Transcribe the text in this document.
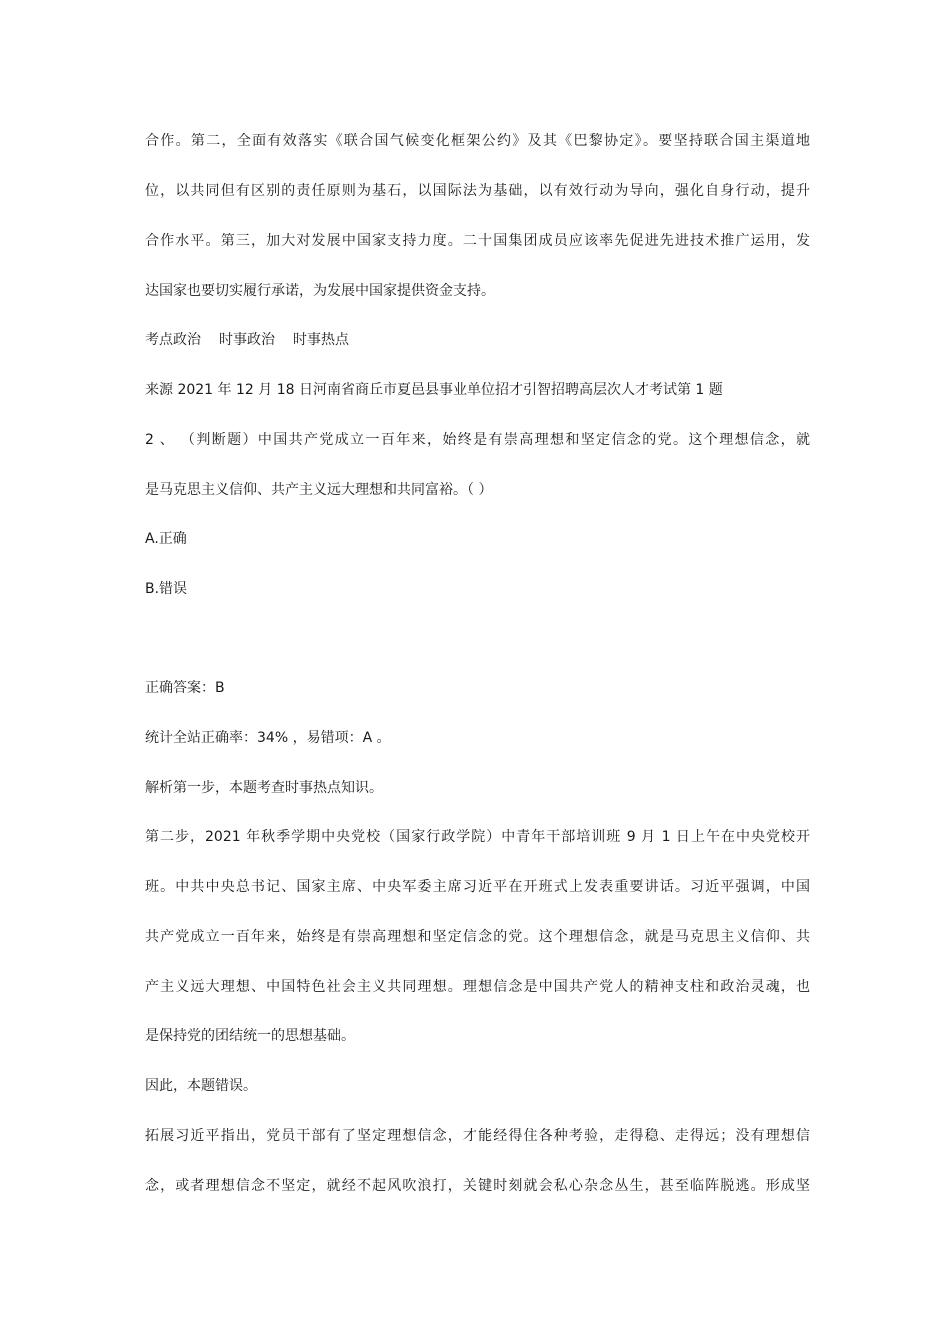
合作。第二，全面有效落实《联合国气候变化框架公约》及其《巴黎协定》。要坚持联合国主渠道地
位，以共同但有区别的责任原则为基石，以国际法为基础，以有效行动为导向，强化自身行动，提升
合作水平。第三，加大对发展中国家支持力度。二十国集团成员应该率先促进先进技术推广运用，发
达国家也要切实履行承诺，为发展中国家提供资金支持。
考点政治 时事政治 时事热点
来源 2021 年 12 月 18 日河南省商丘市夏邑县事业单位招才引智招聘高层次人才考试第 1 题
2 、 （判断题）中国共产党成立一百年来，始终是有崇高理想和坚定信念的党。这个理想信念，就
是马克思主义信仰、共产主义远大理想和共同富裕。（ ）
A.正确
B.错误
正确答案：B
统计全站正确率：34% ，易错项：A 。
解析第一步，本题考查时事热点知识。
第二步，2021 年秋季学期中央党校（国家行政学院）中青年干部培训班 9 月 1 日上午在中央党校开
班。中共中央总书记、国家主席、中央军委主席习近平在开班式上发表重要讲话。习近平强调，中国
共产党成立一百年来，始终是有崇高理想和坚定信念的党。这个理想信念，就是马克思主义信仰、共
产主义远大理想、中国特色社会主义共同理想。理想信念是中国共产党人的精神支柱和政治灵魂，也
是保持党的团结统一的思想基础。
因此，本题错误。
拓展习近平指出，党员干部有了坚定理想信念，才能经得住各种考验，走得稳、走得远；没有理想信
念，或者理想信念不坚定，就经不起风吹浪打，关键时刻就会私心杂念丛生，甚至临阵脱逃。形成坚
